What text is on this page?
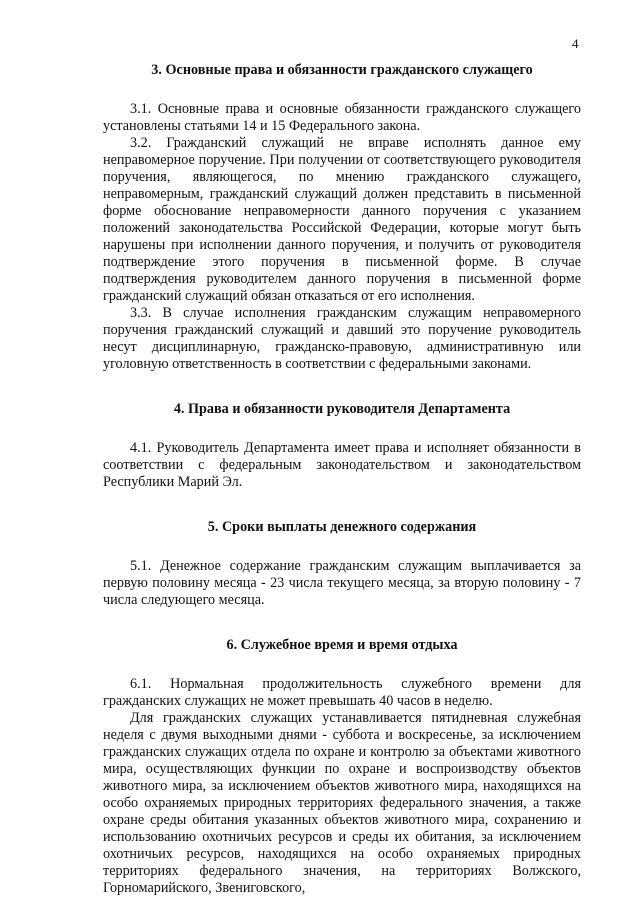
4
3. Основные права и обязанности гражданского служащего

3.1. Основные права и основные обязанности гражданского служащего установлены статьями 14 и 15 Федерального закона.

3.2. Гражданский служащий не вправе исполнять данное ему неправомерное поручение. При получении от соответствующего руководителя поручения, являющегося, по мнению гражданского служащего, неправомерным, гражданский служащий должен представить в письменной форме обоснование неправомерности данного поручения с указанием положений законодательства Российской Федерации, которые могут быть нарушены при исполнении данного поручения, и получить от руководителя подтверждение этого поручения в письменной форме. В случае подтверждения руководителем данного поручения в письменной форме гражданский служащий обязан отказаться от его исполнения.

3.3. В случае исполнения гражданским служащим неправомерного поручения гражданский служащий и давший это поручение руководитель несут дисциплинарную, гражданско-правовую, административную или уголовную ответственность в соответствии с федеральными законами.

4. Права и обязанности руководителя Департамента

4.1. Руководитель Департамента имеет права и исполняет обязанности в соответствии с федеральным законодательством и законодательством Республики Марий Эл.

5. Сроки выплаты денежного содержания

5.1. Денежное содержание гражданским служащим выплачивается за первую половину месяца - 23 числа текущего месяца, за вторую половину - 7 числа следующего месяца.

6. Служебное время и время отдыха

6.1. Нормальная продолжительность служебного времени для гражданских служащих не может превышать 40 часов в неделю.

Для гражданских служащих устанавливается пятидневная служебная неделя с двумя выходными днями - суббота и воскресенье, за исключением гражданских служащих отдела по охране и контролю за объектами животного мира, осуществляющих функции по охране и воспроизводству объектов животного мира, за исключением объектов животного мира, находящихся на особо охраняемых природных территориях федерального значения, а также охране среды обитания указанных объектов животного мира, сохранению и использованию охотничьих ресурсов и среды их обитания, за исключением охотничьих ресурсов, находящихся на особо охраняемых природных территориях федерального значения, на территориях Волжского, Горномарийского, Звениговского,
